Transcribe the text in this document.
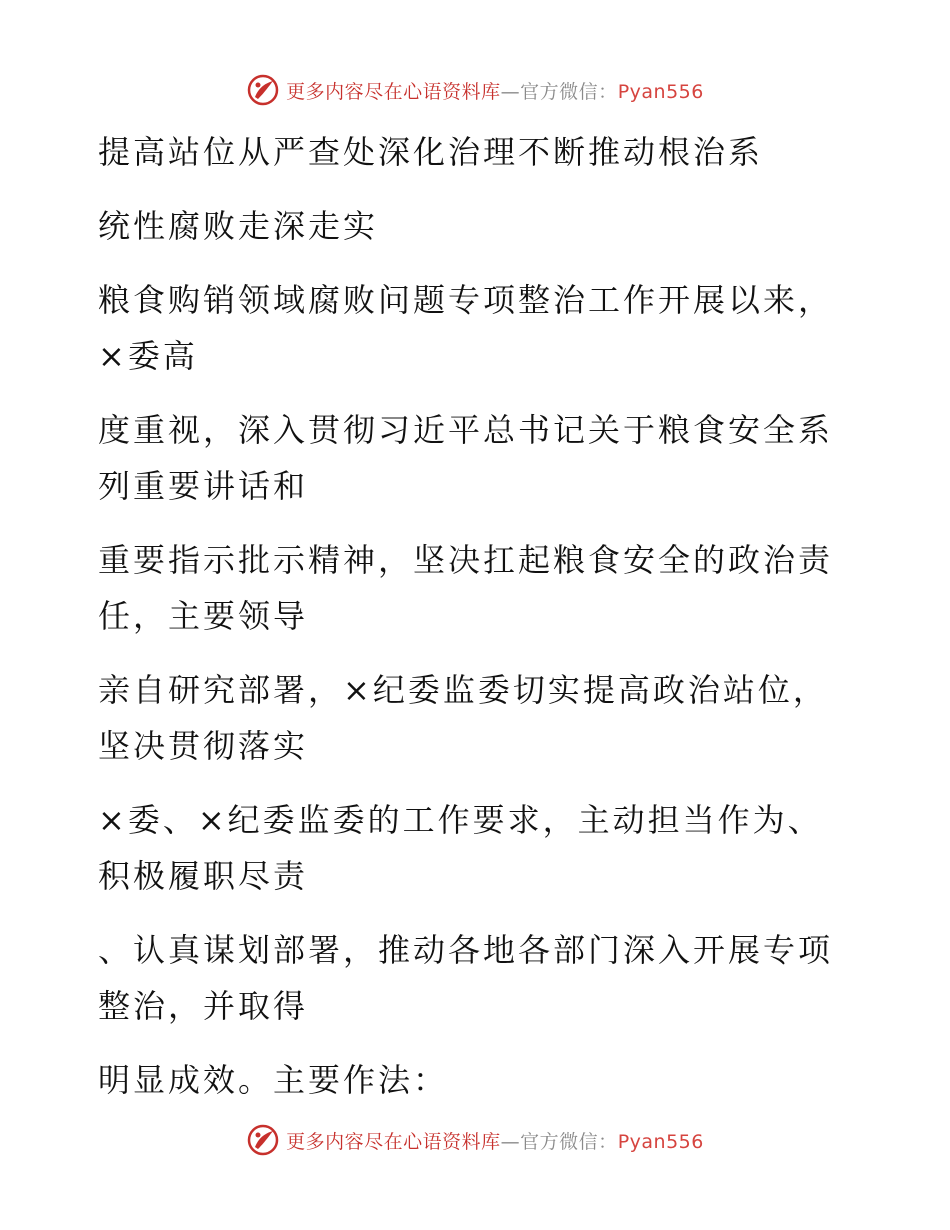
更多内容尽在心语资料库—官方微信：Pyan556

提高站位从严查处深化治理不断推动根治系

统性腐败走深走实

粮食购销领域腐败问题专项整治工作开展以来，

×委高

度重视，深入贯彻习近平总书记关于粮食安全系

列重要讲话和

重要指示批示精神，坚决扛起粮食安全的政治责

任，主要领导

亲自研究部署，×纪委监委切实提高政治站位，

坚决贯彻落实

×委、×纪委监委的工作要求，主动担当作为、

积极履职尽责

、认真谋划部署，推动各地各部门深入开展专项

整治，并取得

明显成效。主要作法：

更多内容尽在心语资料库—官方微信：Pyan556
